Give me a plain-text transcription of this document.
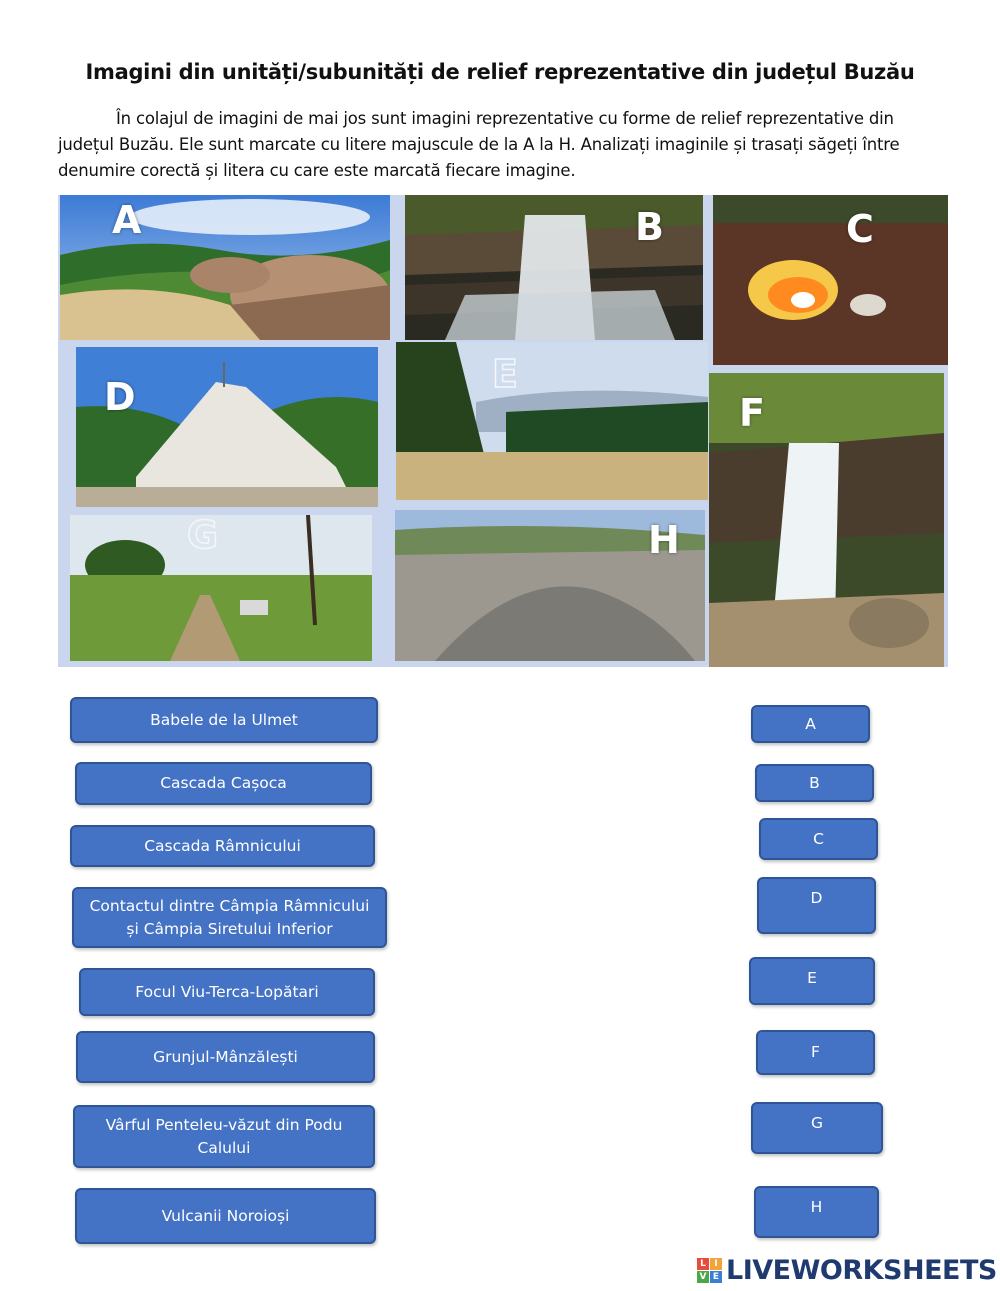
Imagini din unități/subunități de relief reprezentative din județul Buzău
În colajul de imagini de mai jos sunt imagini reprezentative cu forme de relief reprezentative din județul Buzău. Ele sunt marcate cu litere majuscule de la A la H. Analizați imaginile și trasați săgeți între denumire corectă și litera cu care este marcată fiecare imagine.
A	B	C
D
E
F
G	H
Babele de la Ulmet
Cascada Cașoca
Cascada Râmnicului
Contactul dintre Câmpia Râmnicului și Câmpia Siretului Inferior
Focul Viu-Terca-Lopătari
Grunjul-Mânzălești
Vârful Penteleu-văzut din Podu Calului
Vulcanii Noroioși
A
B
C
D
E
F
G
H
L I
V E LIVEWORKSHEETS
